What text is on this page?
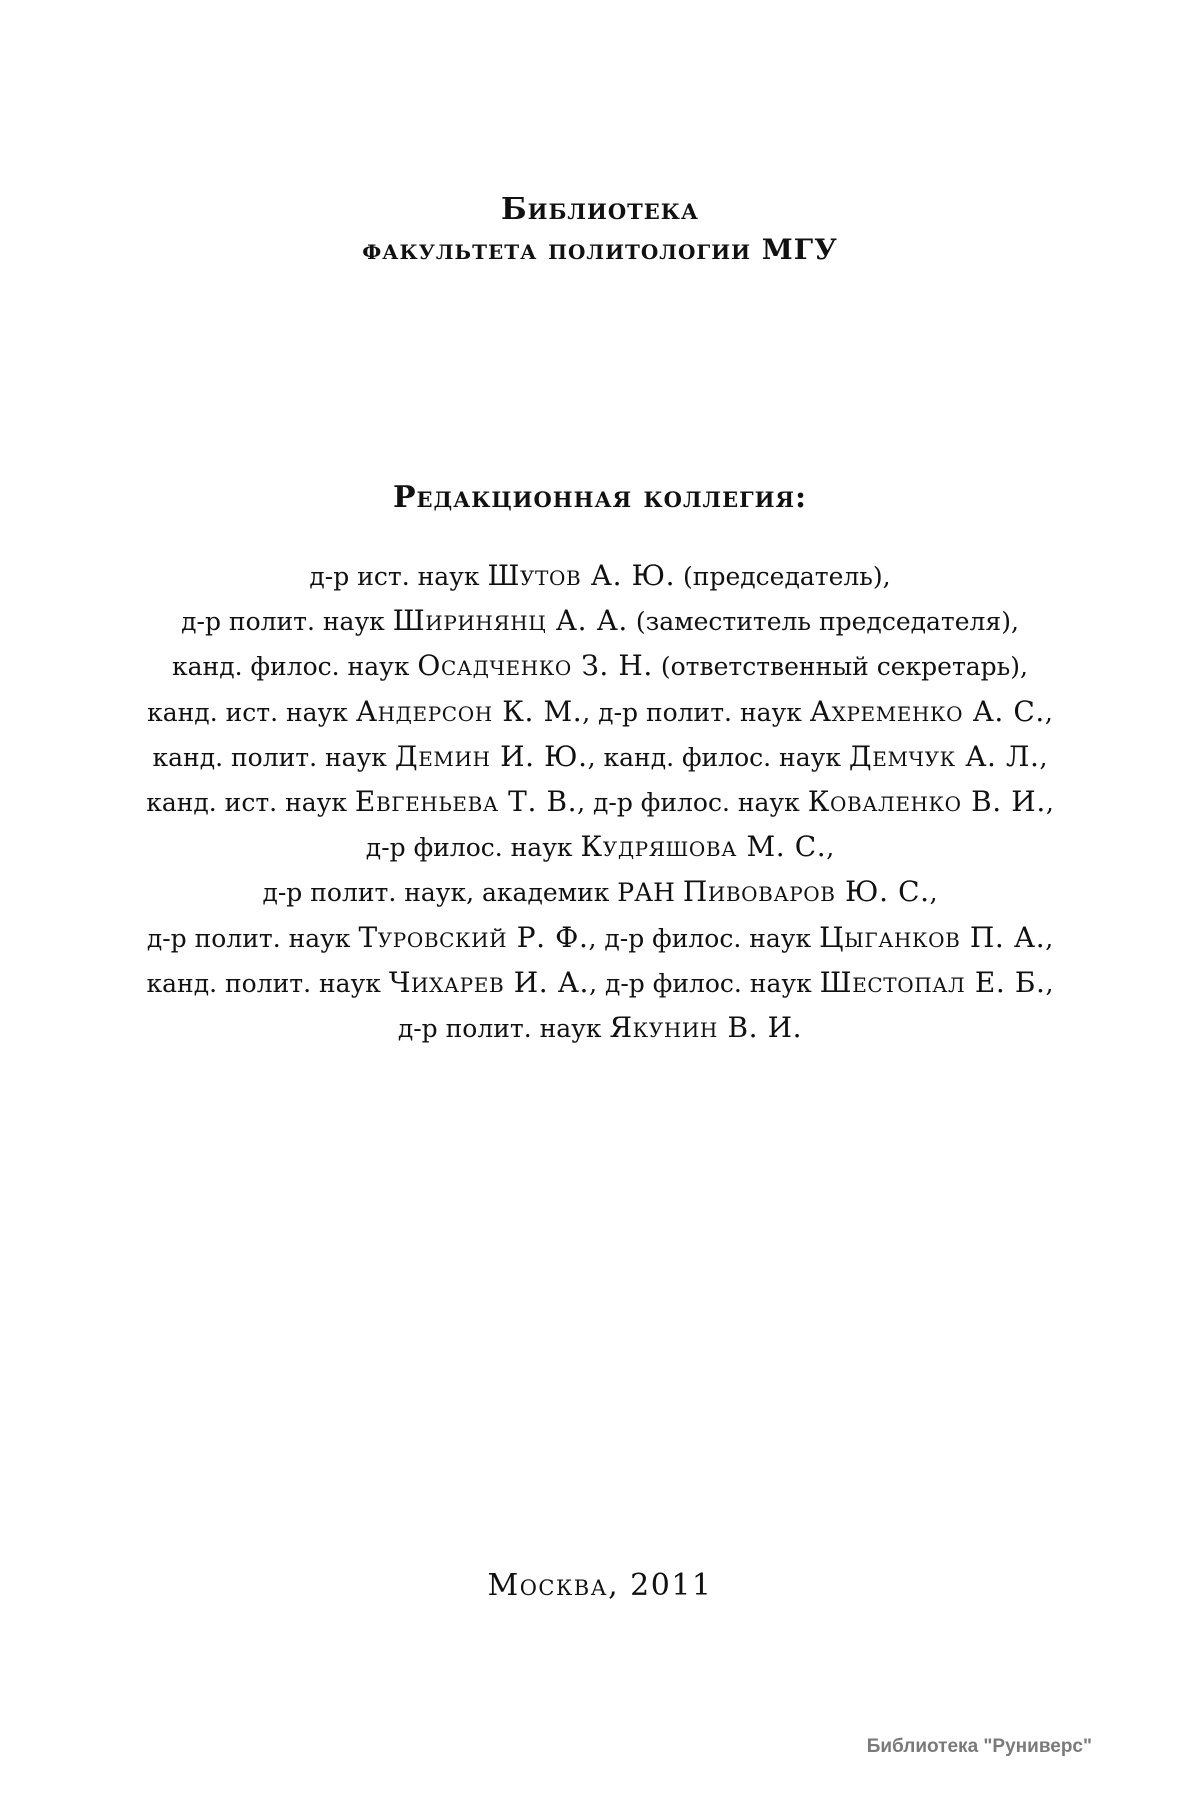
Библиотека
факультета политологии МГУ
Редакционная коллегия:
д-р ист. наук Шутов А. Ю. (председатель),
д-р полит. наук Ширинянц А. А. (заместитель председателя),
канд. филос. наук Осадченко З. Н. (ответственный секретарь),
канд. ист. наук Андерсон К. М., д-р полит. наук Ахременко А. С.,
канд. полит. наук Демин И. Ю., канд. филос. наук Демчук А. Л.,
канд. ист. наук Евгеньева Т. В., д-р филос. наук Коваленко В. И.,
д-р филос. наук Кудряшова М. С.,
д-р полит. наук, академик РАН Пивоваров Ю. С.,
д-р полит. наук Туровский Р. Ф., д-р филос. наук Цыганков П. А.,
канд. полит. наук Чихарев И. А., д-р филос. наук Шестопал Е. Б.,
д-р полит. наук Якунин В. И.
Москва, 2011
Библиотека "Руниверс"
